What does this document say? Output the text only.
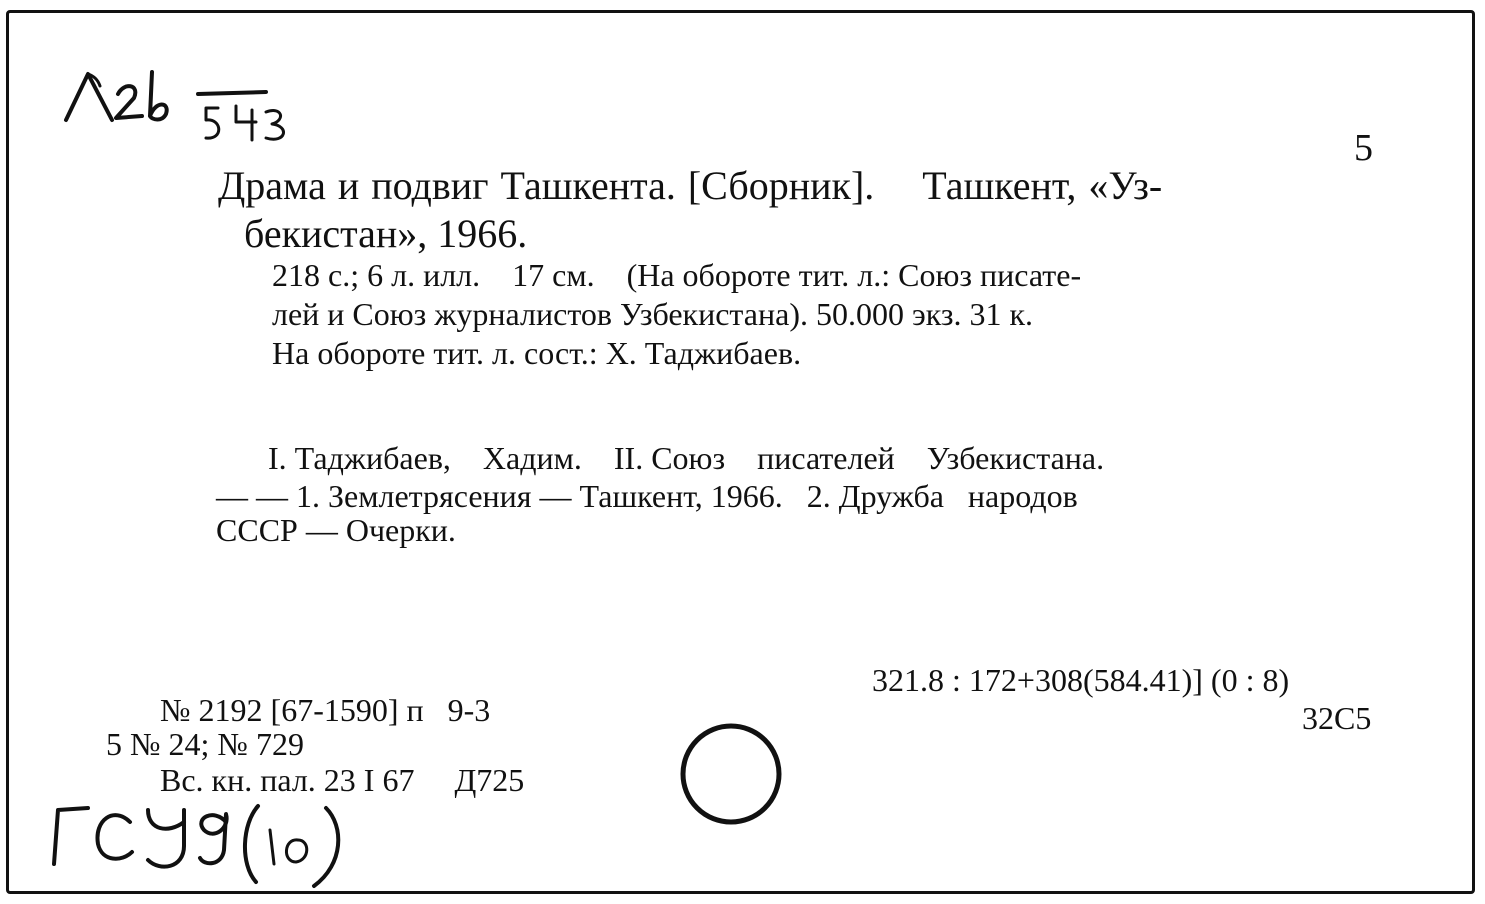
5
Драма и подвиг Ташкента. [Сборник].    Ташкент, «Уз-
бекистан», 1966.
218 с.; 6 л. илл.    17 см.    (На обороте тит. л.: Союз писате-
лей и Союз журналистов Узбекистана). 50.000 экз. 31 к.
На обороте тит. л. сост.: Х. Таджибаев.
I. Таджибаев,    Хадим.    II. Союз    писателей    Узбекистана.
— — 1. Землетрясения — Ташкент, 1966.   2. Дружба   народов
СССР — Очерки.
321.8 : 172+308(584.41)] (0 : 8)
32С5
№ 2192 [67-1590] п   9-3
5 № 24; № 729
Вс. кн. пал. 23 I 67     Д725
